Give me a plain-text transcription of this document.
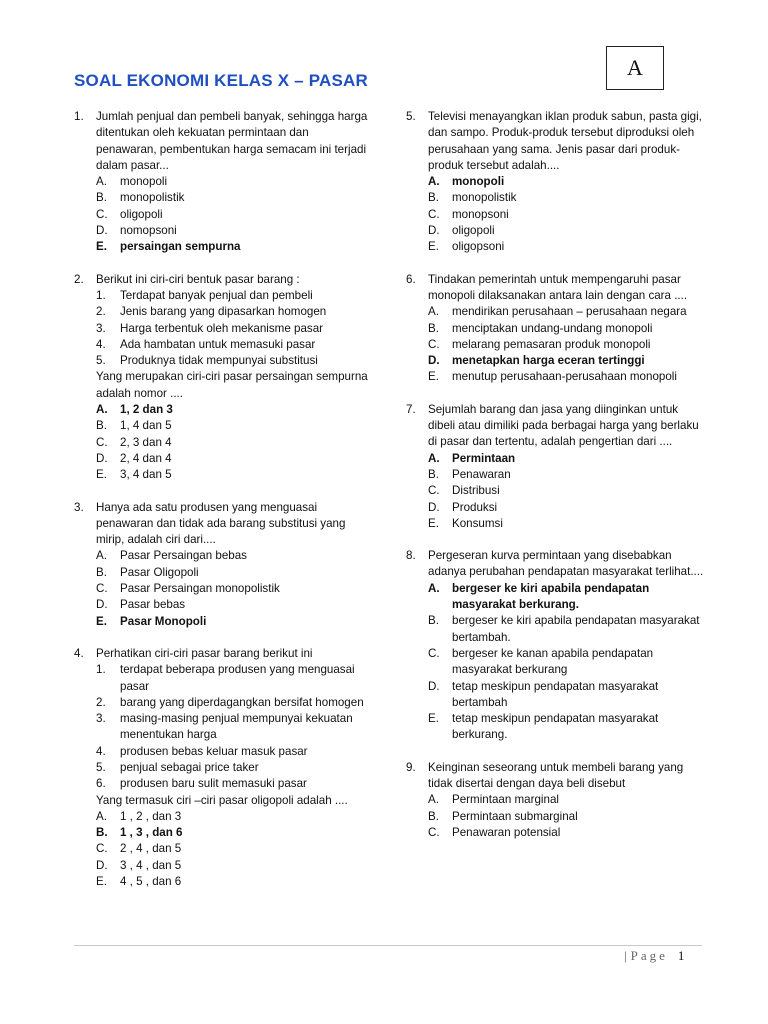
A
SOAL EKONOMI KELAS X – PASAR
1.	Jumlah penjual dan pembeli banyak, sehingga harga ditentukan oleh kekuatan permintaan dan penawaran, pembentukan harga semacam ini terjadi dalam pasar...
A.	monopoli
B.	monopolistik
C.	oligopoli
D.	nomopsoni
E.	persaingan sempurna
2.	Berikut ini ciri-ciri bentuk pasar barang :
1.	Terdapat banyak penjual dan pembeli
2.	Jenis barang yang dipasarkan homogen
3.	Harga terbentuk oleh mekanisme pasar
4.	Ada hambatan untuk memasuki pasar
5.	Produknya tidak mempunyai substitusi
Yang merupakan ciri-ciri pasar persaingan sempurna adalah nomor ....
A.	1, 2 dan 3
B.	1, 4 dan 5
C.	2, 3 dan 4
D.	2, 4 dan 4
E.	3, 4 dan 5
3.	Hanya ada satu produsen yang menguasai penawaran dan tidak ada barang substitusi yang mirip, adalah ciri dari....
A.	Pasar Persaingan bebas
B.	Pasar Oligopoli
C.	Pasar Persaingan monopolistik
D.	Pasar bebas
E.	Pasar Monopoli
4.	Perhatikan ciri-ciri pasar barang berikut ini
1.	terdapat beberapa produsen yang menguasai pasar
2.	barang yang diperdagangkan bersifat homogen
3.	masing-masing penjual mempunyai kekuatan menentukan harga
4.	produsen bebas keluar masuk pasar
5.	penjual sebagai price taker
6.	produsen baru sulit memasuki pasar
Yang termasuk ciri –ciri pasar oligopoli adalah ....
A.	1 , 2 , dan 3
B.	1 , 3 , dan 6
C.	2 , 4 , dan 5
D.	3 , 4 , dan 5
E.	4 , 5 , dan 6
5.	Televisi menayangkan iklan produk sabun, pasta gigi, dan sampo. Produk-produk tersebut diproduksi oleh perusahaan yang sama. Jenis pasar dari produk-produk tersebut adalah....
A.	monopoli
B.	monopolistik
C.	monopsoni
D.	oligopoli
E.	oligopsoni
6.	Tindakan pemerintah untuk mempengaruhi pasar monopoli dilaksanakan antara lain dengan cara ....
A.	mendirikan perusahaan – perusahaan negara
B.	menciptakan undang-undang monopoli
C.	melarang pemasaran produk monopoli
D.	menetapkan harga eceran tertinggi
E.	menutup perusahaan-perusahaan monopoli
7.	Sejumlah barang dan jasa yang diinginkan untuk dibeli atau dimiliki pada berbagai harga yang berlaku di pasar dan tertentu, adalah pengertian dari ....
A.	Permintaan
B.	Penawaran
C.	Distribusi
D.	Produksi
E.	Konsumsi
8.	Pergeseran kurva permintaan yang disebabkan adanya perubahan pendapatan masyarakat terlihat....
A.	bergeser ke kiri apabila pendapatan masyarakat berkurang.
B.	bergeser ke kiri apabila pendapatan masyarakat bertambah.
C.	bergeser ke kanan apabila pendapatan masyarakat berkurang
D.	tetap meskipun pendapatan masyarakat bertambah
E.	tetap meskipun pendapatan masyarakat berkurang.
9.	Keinginan seseorang untuk membeli barang yang tidak disertai dengan daya beli disebut
A.	Permintaan marginal
B.	Permintaan submarginal
C.	Penawaran potensial
| Page 1
